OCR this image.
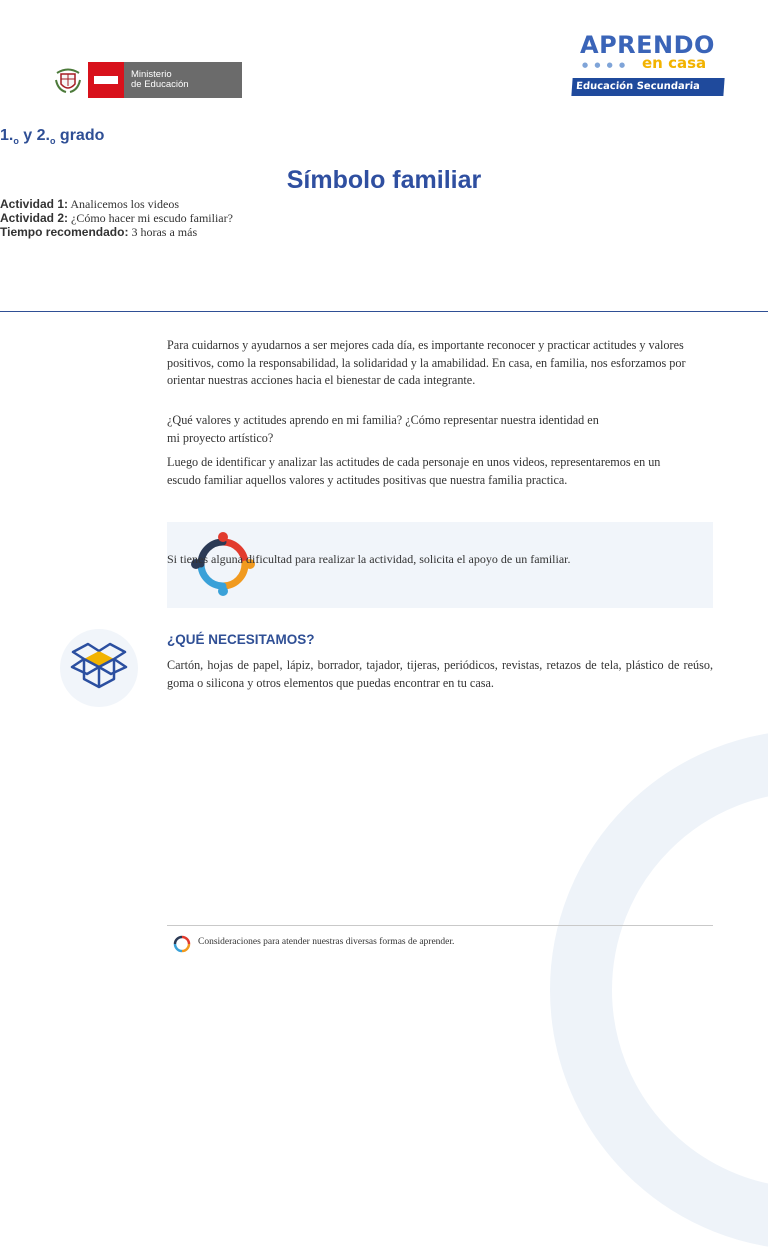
Ministerio
de Educación
APRENDO
● ● ● ● en casa
Educación Secundaria
$1._o$ y $2._o$ grado
Símbolo familiar
Actividad 1: Analicemos los videos
Actividad 2: ¿Cómo hacer mi escudo familiar?
Tiempo recomendado: 3 horas a más
Para cuidarnos y ayudarnos a ser mejores cada día, es importante reconocer y practicar actitudes y valores positivos, como la responsabilidad, la solidaridad y la amabilidad. En casa, en familia, nos esforzamos por orientar nuestras acciones hacia el bienestar de cada integrante.
¿Qué valores y actitudes aprendo en mi familia? ¿Cómo representar nuestra identidad en mi proyecto artístico?
Luego de identificar y analizar las actitudes de cada personaje en unos videos, representaremos en un escudo familiar aquellos valores y actitudes positivas que nuestra familia practica.
Si tienes alguna dificultad para realizar la actividad, solicita el apoyo de un familiar.
¿QUÉ NECESITAMOS?
Cartón, hojas de papel, lápiz, borrador, tajador, tijeras, periódicos, revistas, retazos de tela, plástico de reúso, goma o silicona y otros elementos que puedas encontrar en tu casa.
Consideraciones para atender nuestras diversas formas de aprender.
